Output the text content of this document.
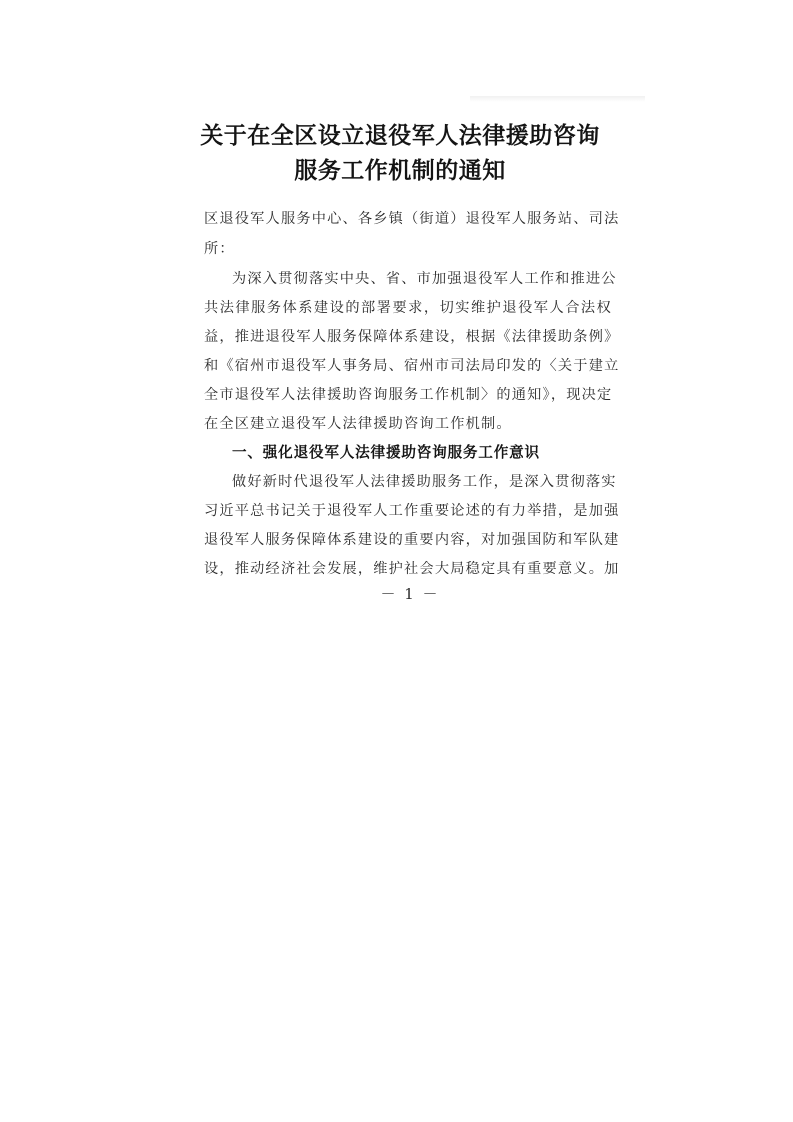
关于在全区设立退役军人法律援助咨询
服务工作机制的通知
区退役军人服务中心、各乡镇（街道）退役军人服务站、司法
所：
为深入贯彻落实中央、省、市加强退役军人工作和推进公
共法律服务体系建设的部署要求，切实维护退役军人合法权
益，推进退役军人服务保障体系建设，根据《法律援助条例》
和《宿州市退役军人事务局、宿州市司法局印发的〈关于建立
全市退役军人法律援助咨询服务工作机制〉的通知》，现决定
在全区建立退役军人法律援助咨询工作机制。
一、强化退役军人法律援助咨询服务工作意识
做好新时代退役军人法律援助服务工作，是深入贯彻落实
习近平总书记关于退役军人工作重要论述的有力举措，是加强
退役军人服务保障体系建设的重要内容，对加强国防和军队建
设，推动经济社会发展，维护社会大局稳定具有重要意义。加
－ 1 －
